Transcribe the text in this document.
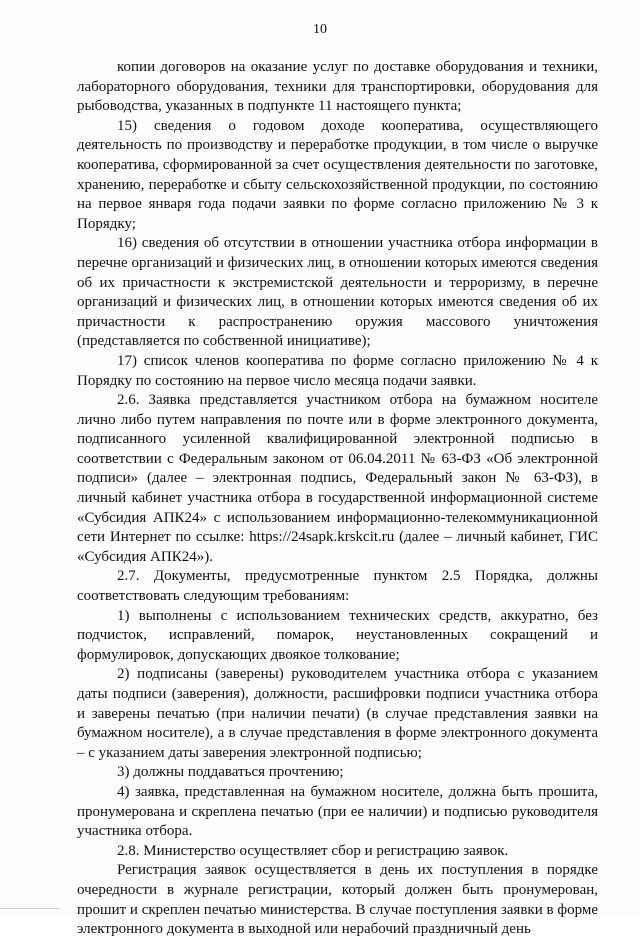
10

копии договоров на оказание услуг по доставке оборудования и техники, лабораторного оборудования, техники для транспортировки, оборудования для рыбоводства, указанных в подпункте 11 настоящего пункта;

15) сведения о годовом доходе кооператива, осуществляющего деятельность по производству и переработке продукции, в том числе о выручке кооператива, сформированной за счет осуществления деятельности по заготовке, хранению, переработке и сбыту сельскохозяйственной продукции, по состоянию на первое января года подачи заявки по форме согласно приложению № 3 к Порядку;

16) сведения об отсутствии в отношении участника отбора информации в перечне организаций и физических лиц, в отношении которых имеются сведения об их причастности к экстремистской деятельности и терроризму, в перечне организаций и физических лиц, в отношении которых имеются сведения об их причастности к распространению оружия массового уничтожения (представляется по собственной инициативе);

17) список членов кооператива по форме согласно приложению № 4 к Порядку по состоянию на первое число месяца подачи заявки.

2.6. Заявка представляется участником отбора на бумажном носителе лично либо путем направления по почте или в форме электронного документа, подписанного усиленной квалифицированной электронной подписью в соответствии с Федеральным законом от 06.04.2011 № 63-ФЗ «Об электронной подписи» (далее – электронная подпись, Федеральный закон № 63-ФЗ), в личный кабинет участника отбора в государственной информационной системе «Субсидия АПК24» с использованием информационно-телекоммуникационной сети Интернет по ссылке: https://24sapk.krskcit.ru (далее – личный кабинет, ГИС «Субсидия АПК24»).

2.7. Документы, предусмотренные пунктом 2.5 Порядка, должны соответствовать следующим требованиям:

1) выполнены с использованием технических средств, аккуратно, без подчисток, исправлений, помарок, неустановленных сокращений и формулировок, допускающих двоякое толкование;

2) подписаны (заверены) руководителем участника отбора с указанием даты подписи (заверения), должности, расшифровки подписи участника отбора и заверены печатью (при наличии печати) (в случае представления заявки на бумажном носителе), а в случае представления в форме электронного документа – с указанием даты заверения электронной подписью;

3) должны поддаваться прочтению;

4) заявка, представленная на бумажном носителе, должна быть прошита, пронумерована и скреплена печатью (при ее наличии) и подписью руководителя участника отбора.

2.8. Министерство осуществляет сбор и регистрацию заявок.

Регистрация заявок осуществляется в день их поступления в порядке очередности в журнале регистрации, который должен быть пронумерован, прошит и скреплен печатью министерства. В случае поступления заявки в форме электронного документа в выходной или нерабочий праздничный день
